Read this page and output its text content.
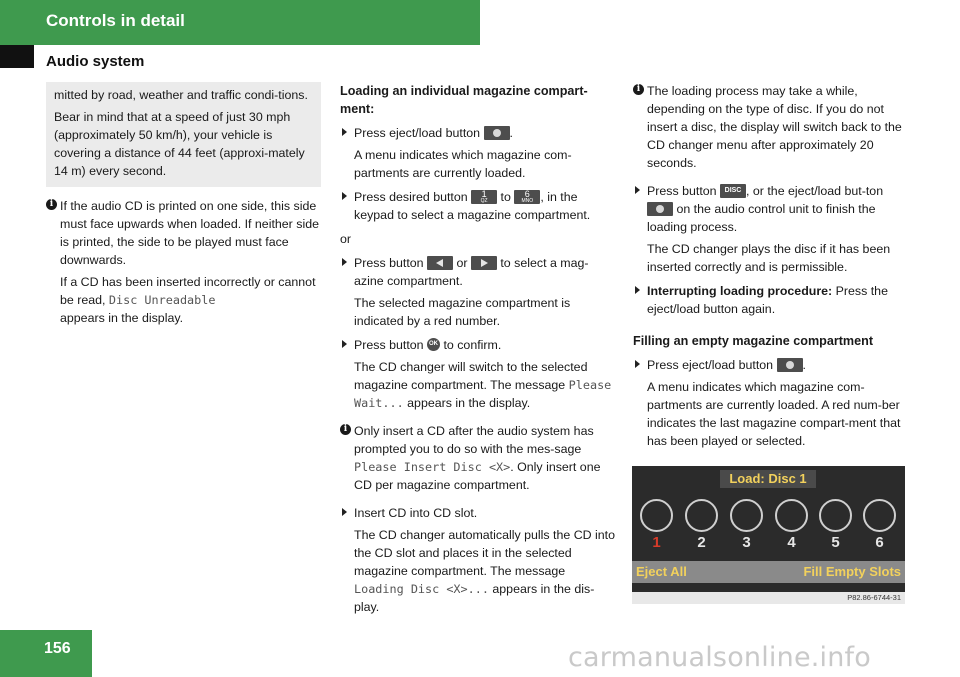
Controls in detail
Audio system

mitted by road, weather and traffic condi-tions.

Bear in mind that at a speed of just 30 mph (approximately 50 km/h), your vehicle is covering a distance of 44 feet (approxi-mately 14 m) every second.

i If the audio CD is printed on one side, this side must face upwards when loaded. If neither side is printed, the side to be played must face downwards.

If a CD has been inserted incorrectly or cannot be read, Disc Unreadable
appears in the display.

Loading an individual magazine compart-ment:

Press eject/load button .

A menu indicates which magazine com-partments are currently loaded.

Press desired button	1
QZ to	6
MNO , in the keypad to select a magazine compartment.

or

Press button  or  to select a mag-azine compartment.

The selected magazine compartment is indicated by a red number.

Press button OK to confirm.

The CD changer will switch to the selected magazine compartment. The message Please Wait... appears in the display.

i Only insert a CD after the audio system has prompted you to do so with the mes-sage Please Insert Disc <X>. Only insert one CD per magazine compartment.

Insert CD into CD slot.

The CD changer automatically pulls the CD into the CD slot and places it in the selected magazine compartment. The message Loading Disc <X>... appears in the dis-play.

i The loading process may take a while, depending on the type of disc. If you do not insert a disc, the display will switch back to the CD changer menu after approximately 20 seconds.

Press button DISC , or the eject/load but-ton  on the audio control unit to finish the loading process.

The CD changer plays the disc if it has been inserted correctly and is permissible.

Interrupting loading procedure: Press the eject/load button again.

Filling an empty magazine compartment

Press eject/load button .

A menu indicates which magazine com-partments are currently loaded. A red num-ber indicates the last magazine compart-ment that has been played or selected.

Load: Disc 1
1	2	3	4	5	6
Eject All	Fill Empty Slots
P82.86-6744-31
156	carmanualsonline.info
